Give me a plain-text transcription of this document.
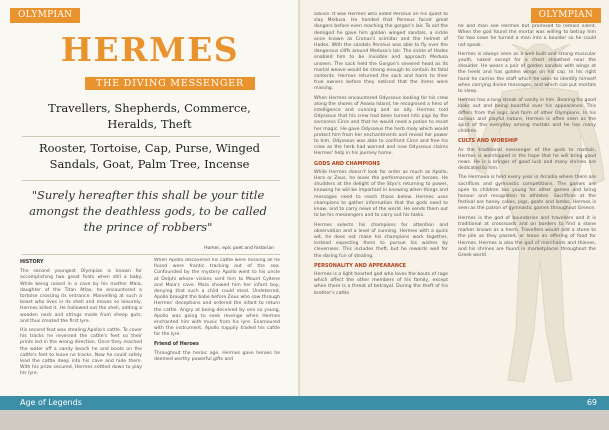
OLYMPIAN
HERMES
THE DIVING MESSENGER
Travellers, Shepherds, Commerce, Heralds, Theft
Rooster, Tortoise, Cap, Purse, Winged Sandals, Goat, Palm Tree, Incense
"Surely hereafter this shall be your title amongst the deathless gods, to be called the prince of robbers"
Homer, epic poet and historian

HISTORY

The second youngest Olympian is known for accomplishing two great feats when still a baby. While being raised in a cave by his mother Maia, daughter of the Titan Atlas, he encountered a tortoise crossing its entrance. Marvelling at such a beast who lives in its shell and moves so leisurely, Hermes killed it. He hollowed out the shell, adding a wooden neck and strings made from sheep guts, and thus created the first lyre.

His second feat was stealing Apollo's cattle. To cover his tracks he reversed the cattle's feet so their prints led in the wrong direction. Once they reached the water off a sandy beach he and boots on the cattle's feet to leave no tracks. Now he could safely lead the cattle deep into his cave and hide them. With his prize secured, Hermes settled down to play his lyre.

When Apollo discovered his cattle were missing all he found were frantic tracking out of the sea. Confounded by the mystery Apollo went to his uncle at Delphi whose visions sent him to Mount Cyllene and Maia's cave. Maia showed him her infant boy, denying that such a child could steal. Undeterred, Apollo brought the babe before Zeus who saw through Hermes' deceptions and ordered the infant to return the cattle. Angry at being deceived by one so young, Apollo was going to seek revenge when Hermes enchanted him with music from his lyre. Enamoured with the instrument, Apollo happily traded his cattle for the lyre.

Friend of Heroes

Throughout the heroic age, Hermes gave heroes he deemed worthy powerful gifts and

OLYMPIAN

advice. It was Hermes who aided Perseus on his quest to slay Medusa. He handed that Perseus faced great dangers before even reaching the gorgon's lair. To aid the demigod he gave him golden winged sandals, a sickle once known as Cronus's scimitar and the helmet of Hades. With the sandals Perseus was able to fly over the dangerous cliffs around Medusa's lair. The sickle of Hades enabled him to be invisible and approach Medusa unseen. The sack held the Gorgon's severed head as its mortal weave would be strong enough to contain its fatal contents. Hermes returned the sack and harm to their true owners before they noticed that the items were missing.

When Hermes encountered Odysseus looking for his crew along the shores of Aeaea Island, he recognised a hero of intelligence and cunning and an ally. Hermes told Odysseus that his crew had been turned into pigs by the sorceress Circe and that he would need a potion to resist her magic. He gave Odysseus the herb moly which would protect him from her enchantments and reveal her power to him. Odysseus was able to confront Circe and free his crew as the herb had warned and now Odysseus claims Hermes' help in his journey home.

GODS AND CHAMPIONS

While Hermes doesn't look for order as much as Apollo, Hera or Zeus, he loves the performances of heroes. He shudders at the delight of the Styx's returning to power, knowing he will be important in knowing when things and messages need to reach those below. Hermes uses champions to gather information that the gods need to know, and to carry news of the world. He sends them out to be his messengers and to carry out his tasks.

Hermes selects his champions for attention and observation and a level of cunning. Hermes with a quick wit, he does not make his champions work together, instead expecting them to pursue his wishes by cleverness. This includes theft, but he rewards well for the daring fun of stealing.

PERSONALITY AND APPEARANCE

Hermes is a light hearted god who loves the bouts of rage which affect the other members of his family, except when there is a threat of betrayal. During the theft of his brother's cattle

he and man see Hermes but promised to remain silent. When the god found the mortal was willing to betray him for two cows he turned a man into a boulder so he could not speak.

Hermes is always seen as a well built and strong muscular youth, naked except for a chest sheathed near the shoulder. He wears a pair of golden sandals with wings at the heels and has golden wings on his cap. In his right hand he carries the staff which he uses to identify himself when carrying divine messages, and which can put mortals to sleep.

Hermes has a long streak of vanity in him. Bearing his good looks out and being boastful over his appearance. This differs from the logic and form of other Olympians. In his curious and playful nature, Hermes is often seen as the spirit of the everyday among mortals and he has many children.

CULTS AND WORSHIP

As the traditional messenger of the gods to mortals, Hermes is worshipped in the hope that he will bring good news. He is a bringer of good luck and many shrines are dedicated to him.

The Hermaea is held every year in Arcadia where there are sacrifices and gymnastic competitions. The games are open to children too young for other games and bring honour and recognition to athletes. Sacrifices at the festival are honey cakes, pigs, goats and lambs. Hermes is seen as the patron of gymnastic games throughout Greece.

Hermes is the god of boundaries and travellers and it is traditional at crossroads and on borders to find a stone marker known as a herm. Travellers would add a stone to the pile as they passed, or leave an offering of food for Hermes. Hermes is also the god of merchants and thieves, and his shrines are found in marketplaces throughout the Greek world.

Age of Legends	69
